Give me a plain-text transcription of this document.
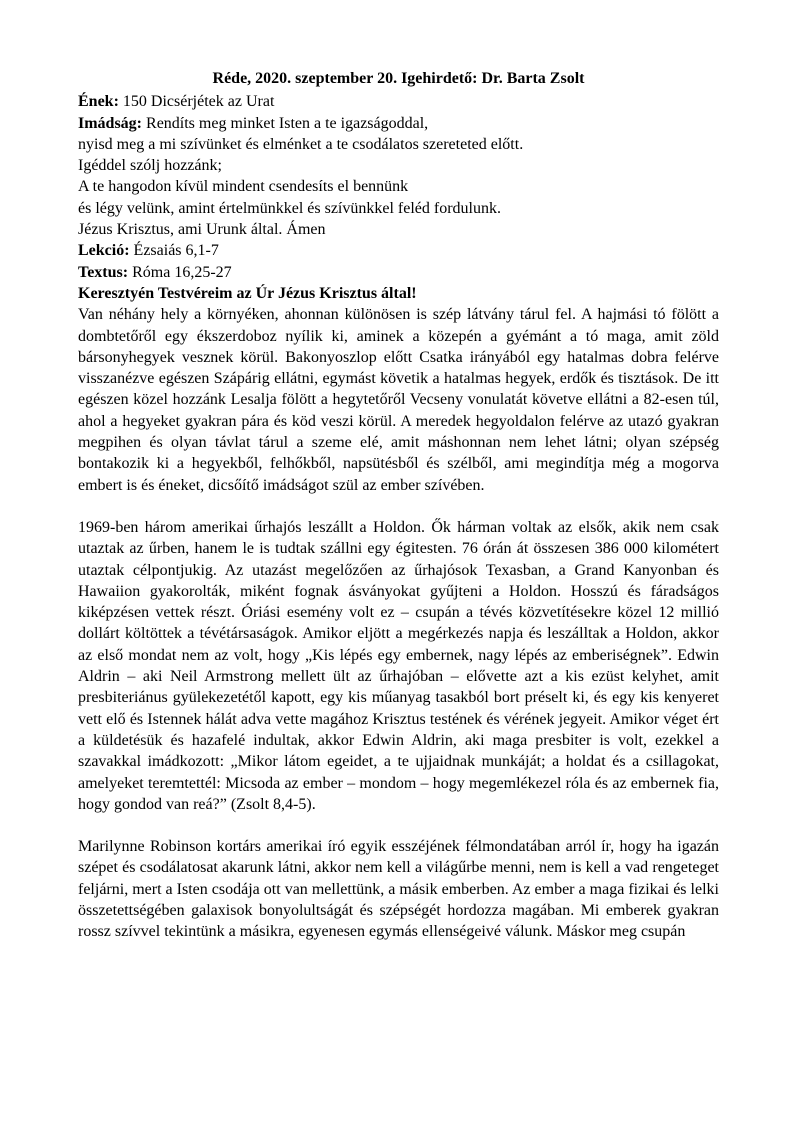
Réde, 2020. szeptember 20. Igehirdető: Dr. Barta Zsolt

Ének: 150 Dicsérjétek az Urat

Imádság: Rendíts meg minket Isten a te igazságoddal,

nyisd meg a mi szívünket és elménket a te csodálatos szereteted előtt.

Igéddel szólj hozzánk;

A te hangodon kívül mindent csendesíts el bennünk

és légy velünk, amint értelmünkkel és szívünkkel feléd fordulunk.

Jézus Krisztus, ami Urunk által. Ámen

Lekció: Ézsaiás 6,1-7

Textus: Róma 16,25-27

Keresztyén Testvéreim az Úr Jézus Krisztus által!

Van néhány hely a környéken, ahonnan különösen is szép látvány tárul fel. A hajmási tó fölött a dombtetőről egy ékszerdoboz nyílik ki, aminek a közepén a gyémánt a tó maga, amit zöld bársonyhegyek vesznek körül. Bakonyoszlop előtt Csatka irányából egy hatalmas dobra felérve visszanézve egészen Szápárig ellátni, egymást követik a hatalmas hegyek, erdők és tisztások. De itt egészen közel hozzánk Lesalja fölött a hegytetőről Vecseny vonulatát követve ellátni a 82-esen túl, ahol a hegyeket gyakran pára és köd veszi körül. A meredek hegyoldalon felérve az utazó gyakran megpihen és olyan távlat tárul a szeme elé, amit máshonnan nem lehet látni; olyan szépség bontakozik ki a hegyekből, felhőkből, napsütésből és szélből, ami megindítja még a mogorva embert is és éneket, dicsőítő imádságot szül az ember szívében.

1969-ben három amerikai űrhajós leszállt a Holdon. Ők hárman voltak az elsők, akik nem csak utaztak az űrben, hanem le is tudtak szállni egy égitesten. 76 órán át összesen 386 000 kilométert utaztak célpontjukig. Az utazást megelőzően az űrhajósok Texasban, a Grand Kanyonban és Hawaiion gyakorolták, miként fognak ásványokat gyűjteni a Holdon. Hosszú és fáradságos kiképzésen vettek részt. Óriási esemény volt ez – csupán a tévés közvetítésekre közel 12 millió dollárt költöttek a tévétársaságok. Amikor eljött a megérkezés napja és leszálltak a Holdon, akkor az első mondat nem az volt, hogy „Kis lépés egy embernek, nagy lépés az emberiségnek”. Edwin Aldrin – aki Neil Armstrong mellett ült az űrhajóban – elővette azt a kis ezüst kelyhet, amit presbiteriánus gyülekezetétől kapott, egy kis műanyag tasakból bort préselt ki, és egy kis kenyeret vett elő és Istennek hálát adva vette magához Krisztus testének és vérének jegyeit. Amikor véget ért a küldetésük és hazafelé indultak, akkor Edwin Aldrin, aki maga presbiter is volt, ezekkel a szavakkal imádkozott: „Mikor látom egeidet, a te ujjaidnak munkáját; a holdat és a csillagokat, amelyeket teremtettél: Micsoda az ember – mondom – hogy megemlékezel róla és az embernek fia, hogy gondod van reá?” (Zsolt 8,4-5).

Marilynne Robinson kortárs amerikai író egyik esszéjének félmondatában arról ír, hogy ha igazán szépet és csodálatosat akarunk látni, akkor nem kell a világűrbe menni, nem is kell a vad rengeteget feljárni, mert a Isten csodája ott van mellettünk, a másik emberben. Az ember a maga fizikai és lelki összetettségében galaxisok bonyolultságát és szépségét hordozza magában. Mi emberek gyakran rossz szívvel tekintünk a másikra, egyenesen egymás ellenségeivé válunk. Máskor meg csupán
